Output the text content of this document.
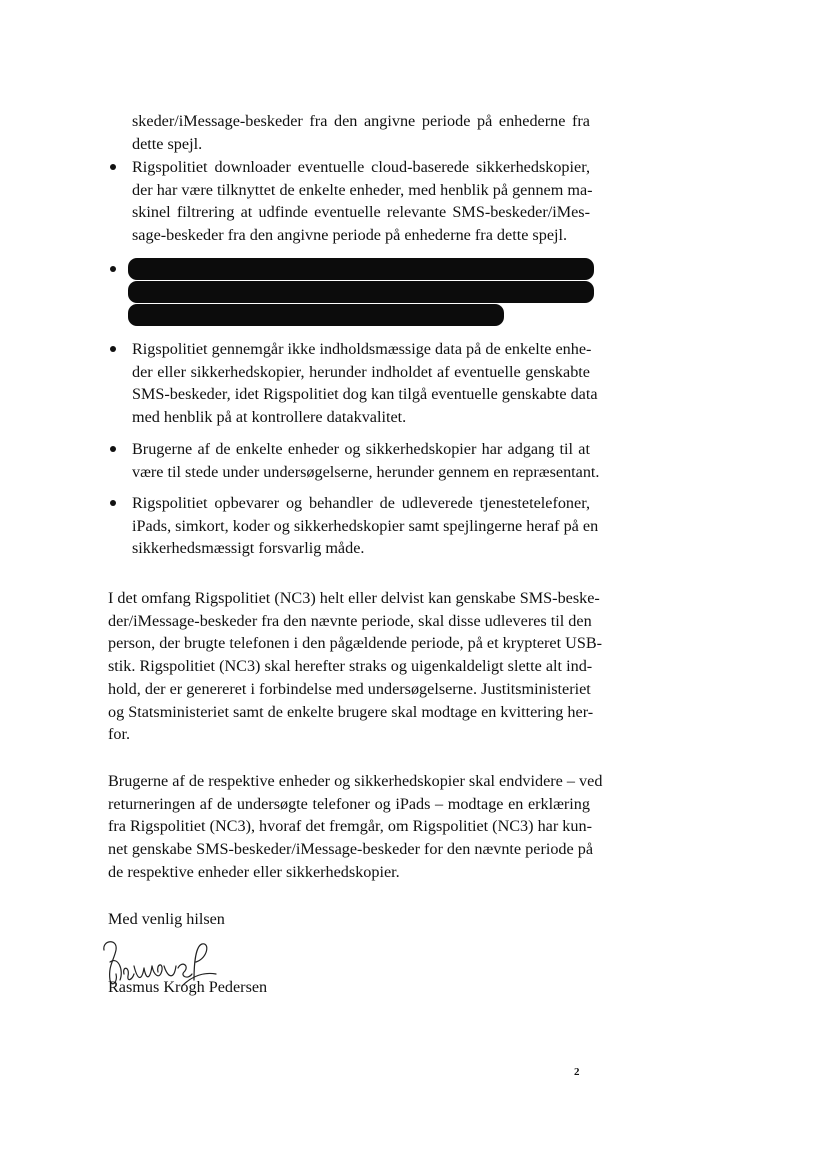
skeder/iMessage-beskeder fra den angivne periode på enhederne fra
dette spejl.
Rigspolitiet downloader eventuelle cloud-baserede sikkerhedskopier,
der har være tilknyttet de enkelte enheder, med henblik på gennem ma-
skinel filtrering at udfinde eventuelle relevante SMS-beskeder/iMes-
sage-beskeder fra den angivne periode på enhederne fra dette spejl.
Rigspolitiet gennemgår ikke indholdsmæssige data på de enkelte enhe-
der eller sikkerhedskopier, herunder indholdet af eventuelle genskabte
SMS-beskeder, idet Rigspolitiet dog kan tilgå eventuelle genskabte data
med henblik på at kontrollere datakvalitet.
Brugerne af de enkelte enheder og sikkerhedskopier har adgang til at
være til stede under undersøgelserne, herunder gennem en repræsentant.
Rigspolitiet opbevarer og behandler de udleverede tjenestetelefoner,
iPads, simkort, koder og sikkerhedskopier samt spejlingerne heraf på en
sikkerhedsmæssigt forsvarlig måde.
I det omfang Rigspolitiet (NC3) helt eller delvist kan genskabe SMS-beske-
der/iMessage-beskeder fra den nævnte periode, skal disse udleveres til den
person, der brugte telefonen i den pågældende periode, på et krypteret USB-
stik. Rigspolitiet (NC3) skal herefter straks og uigenkaldeligt slette alt ind-
hold, der er genereret i forbindelse med undersøgelserne. Justitsministeriet
og Statsministeriet samt de enkelte brugere skal modtage en kvittering her-
for.
Brugerne af de respektive enheder og sikkerhedskopier skal endvidere – ved
returneringen af de undersøgte telefoner og iPads – modtage en erklæring
fra Rigspolitiet (NC3), hvoraf det fremgår, om Rigspolitiet (NC3) har kun-
net genskabe SMS-beskeder/iMessage-beskeder for den nævnte periode på
de respektive enheder eller sikkerhedskopier.
Med venlig hilsen
Rasmus Krogh Pedersen
2
